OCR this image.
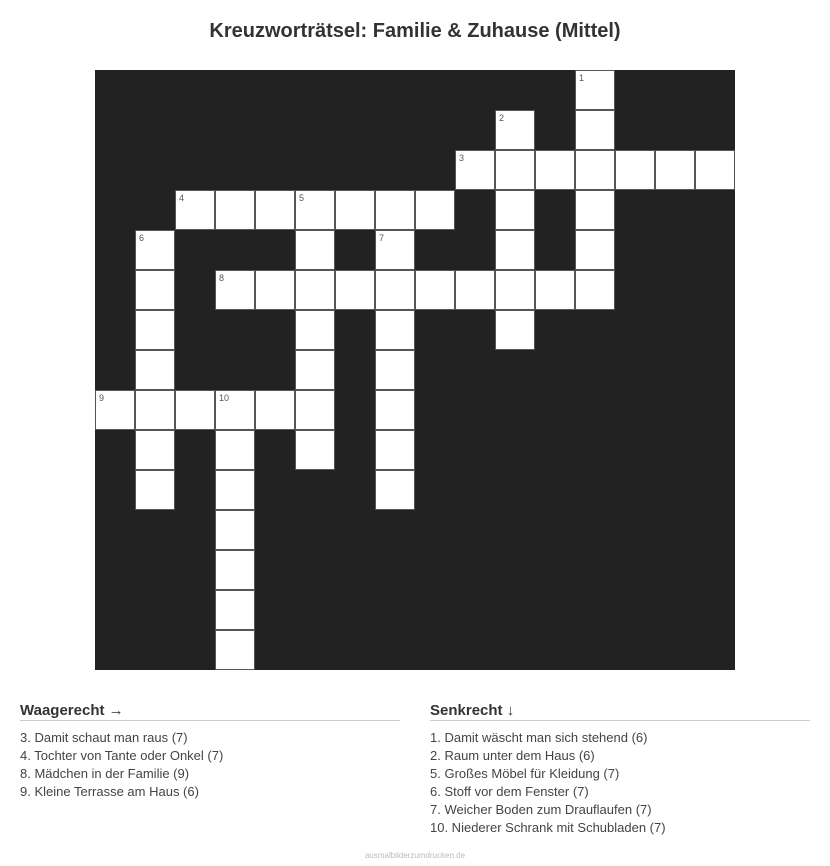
Kreuzworträtsel: Familie & Zuhause (Mittel)
1
2
3
4	5
6	7
8
9	10
Waagerecht →
3. Damit schaut man raus (7)
4. Tochter von Tante oder Onkel (7)
8. Mädchen in der Familie (9)
9. Kleine Terrasse am Haus (6)
Senkrecht ↓
1. Damit wäscht man sich stehend (6)
2. Raum unter dem Haus (6)
5. Großes Möbel für Kleidung (7)
6. Stoff vor dem Fenster (7)
7. Weicher Boden zum Drauflaufen (7)
10. Niederer Schrank mit Schubladen (7)
ausmalbilderzumdrucken.de
